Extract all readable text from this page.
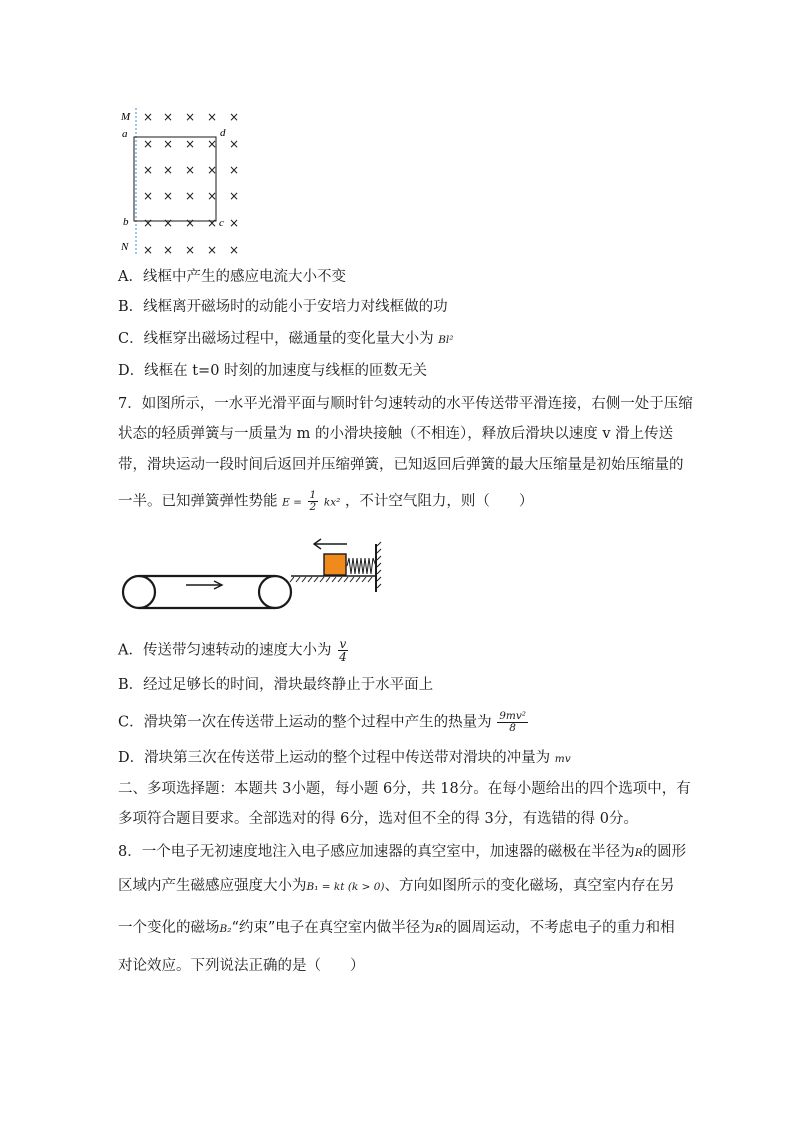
M
a	d
b	c
N
× × × × ×
× × × × ×
× × × × ×
× × × × ×
× × × × ×
× × × × ×
A．线框中产生的感应电流大小不变
B．线框离开磁场时的动能小于安培力对线框做的功
C．线框穿出磁场过程中，磁通量的变化量大小为 Bl²
D．线框在 t=0 时刻的加速度与线框的匝数无关
7．如图所示，一水平光滑平面与顺时针匀速转动的水平传送带平滑连接，右侧一处于压缩
状态的轻质弹簧与一质量为 m 的小滑块接触（不相连），释放后滑块以速度 v 滑上传送
带，滑块运动一段时间后返回并压缩弹簧，已知返回后弹簧的最大压缩量是初始压缩量的
一半。已知弹簧弹性势能 $E = \frac{1}{2} kx^2$ ，不计空气阻力，则（　　）
A．传送带匀速转动的速度大小为 $\frac{v}{4}$
B．经过足够长的时间，滑块最终静止于水平面上
C．滑块第一次在传送带上运动的整个过程中产生的热量为 $\frac{\text{9mv²}}{8}$
D．滑块第三次在传送带上运动的整个过程中传送带对滑块的冲量为 mv
二、多项选择题：本题共 3小题，每小题 6分，共 18分。在每小题给出的四个选项中，有
多项符合题目要求。全部选对的得 6分，选对但不全的得 3分，有选错的得 0分。
8．一个电子无初速度地注入电子感应加速器的真空室中，加速器的磁极在半径为R的圆形
区域内产生磁感应强度大小为B₁ = kt (k > 0)、方向如图所示的变化磁场，真空室内存在另
一个变化的磁场B₂“约束”电子在真空室内做半径为R的圆周运动，不考虑电子的重力和相
对论效应。下列说法正确的是（　　）
